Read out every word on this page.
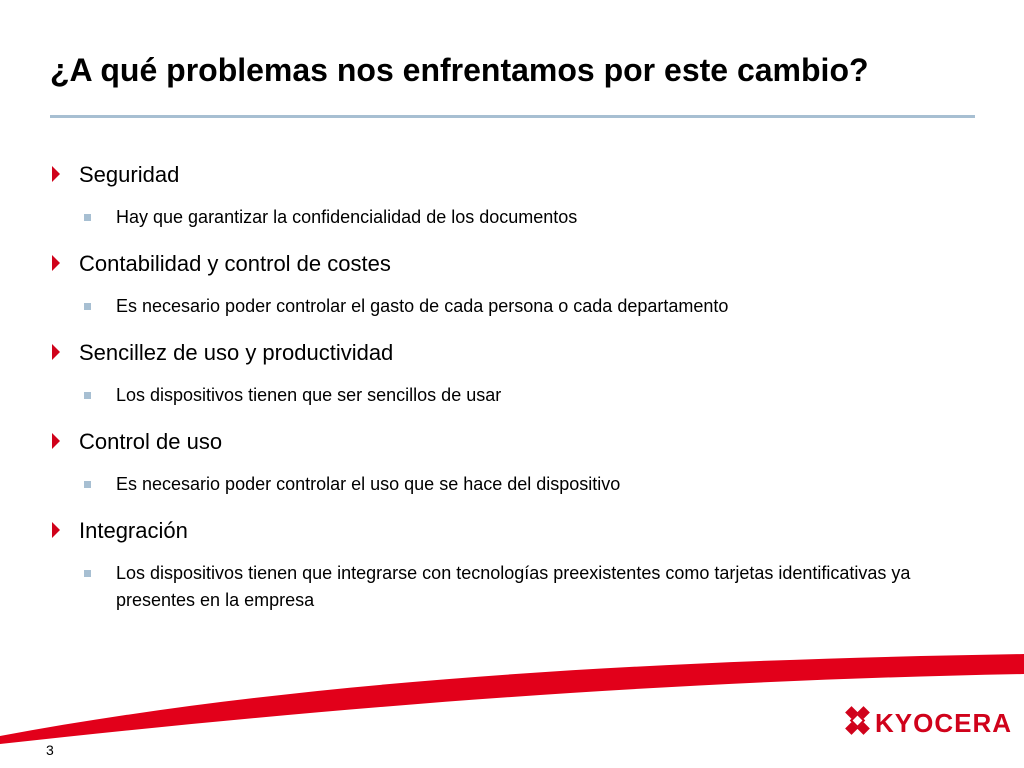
¿A qué problemas nos enfrentamos por este cambio?
Seguridad
Hay que garantizar la confidencialidad de los documentos
Contabilidad y control de costes
Es necesario poder controlar el gasto de cada persona o cada departamento
Sencillez de uso y productividad
Los dispositivos tienen que ser sencillos de usar
Control de uso
Es necesario poder controlar el uso que se hace del dispositivo
Integración
Los dispositivos tienen que integrarse con tecnologías preexistentes como tarjetas identificativas ya presentes en la empresa
KYOCERA
3
